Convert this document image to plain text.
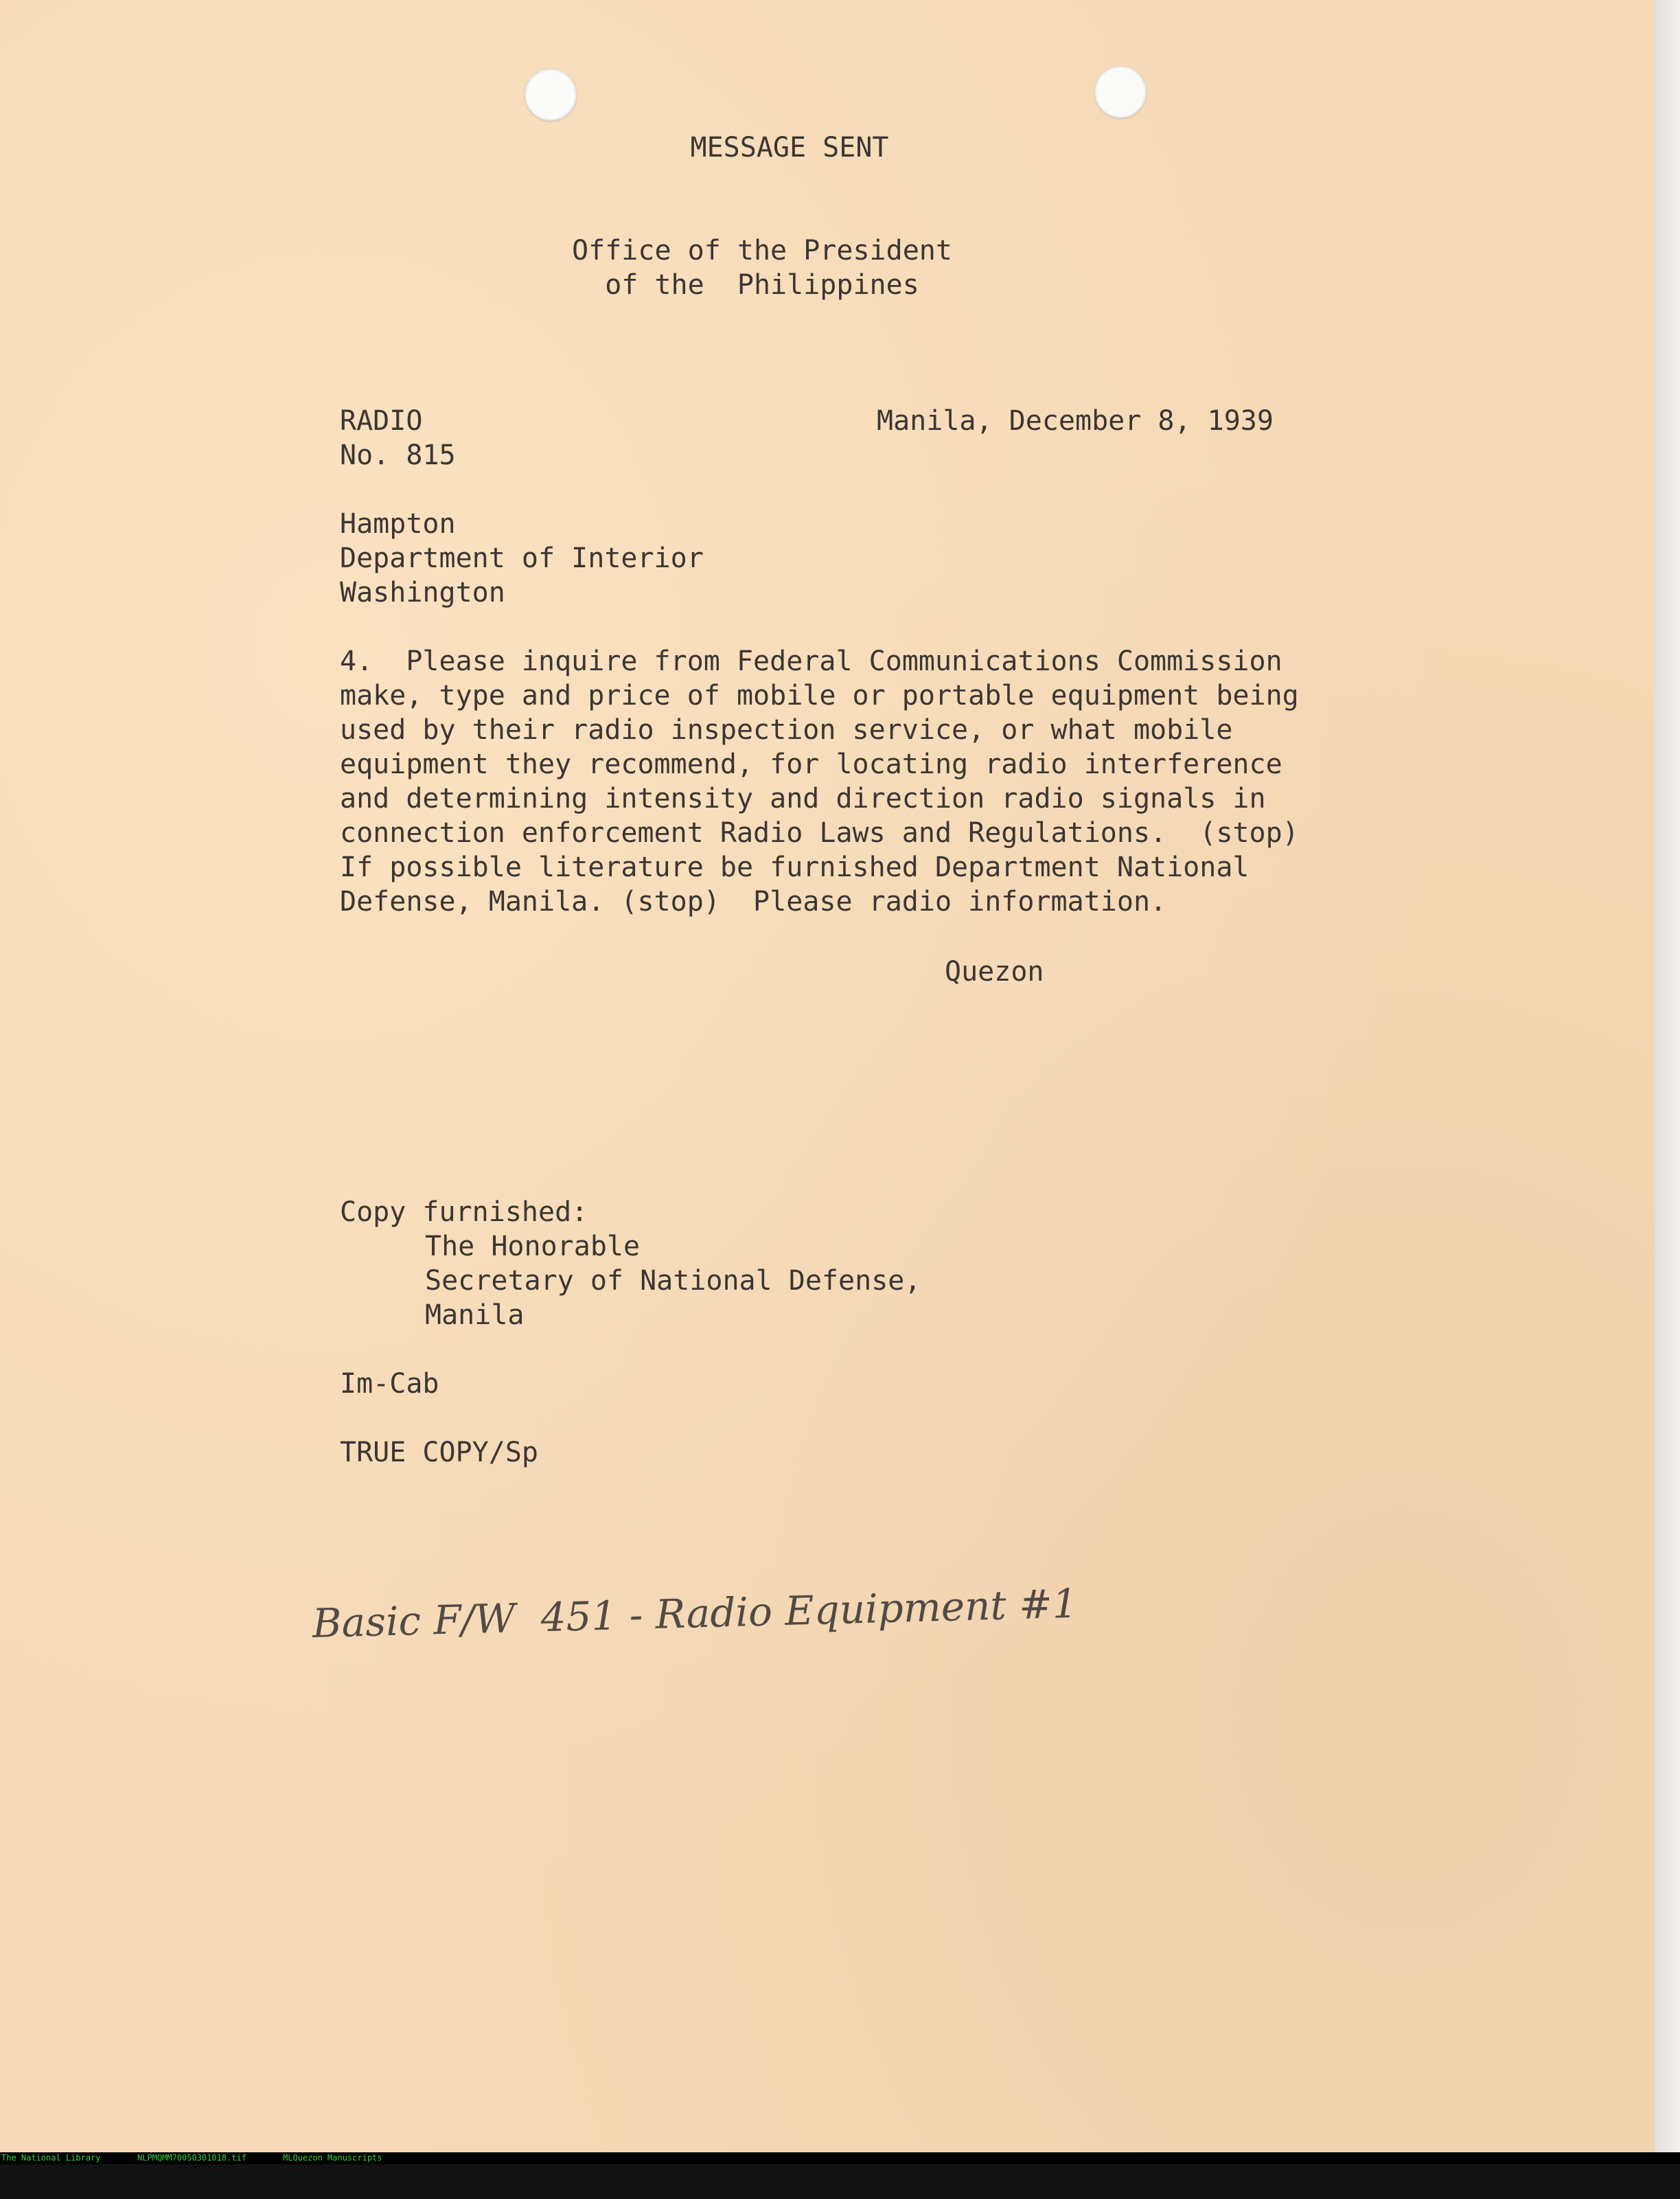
MESSAGE SENT
Office of the President
of the  Philippines
RADIO
No. 815
Manila, December 8, 1939
Hampton
Department of Interior
Washington
4.  Please inquire from Federal Communications Commission
make, type and price of mobile or portable equipment being
used by their radio inspection service, or what mobile
equipment they recommend, for locating radio interference
and determining intensity and direction radio signals in
connection enforcement Radio Laws and Regulations.  (stop)
If possible literature be furnished Department National
Defense, Manila. (stop)  Please radio information.
Quezon
Copy furnished:
The Honorable
Secretary of National Defense,
Manila
Im-Cab
TRUE COPY/Sp
Basic F/W  451 - Radio Equipment #1

The National Library

	NLPMQMM70050301018.tif

	MLQuezon Manuscripts
